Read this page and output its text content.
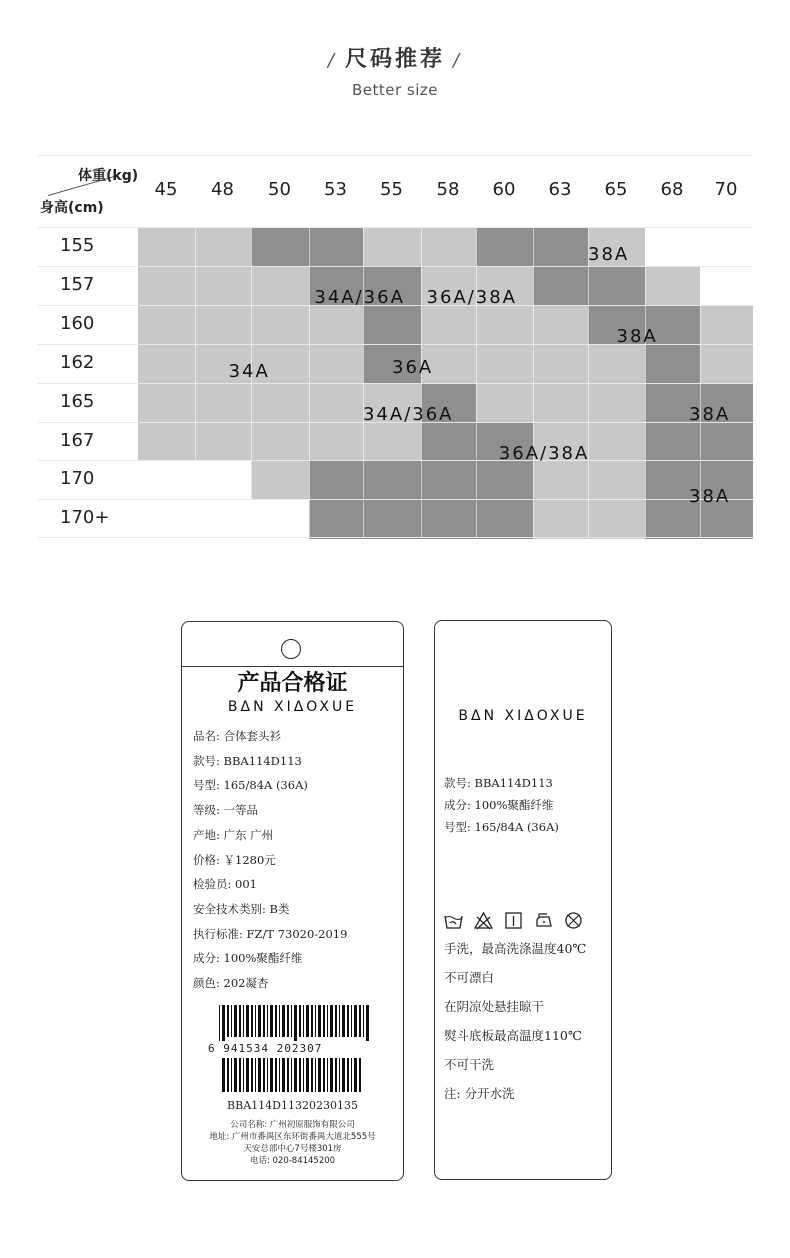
/ 尺码推荐 /
Better size
体重(kg)
身高(cm)
45 48 50 53 55 58 60 63 65 68 70
155
157
160
162
165
167
170
170+
34A
34A/36A 36A/38A
36A
34A/36A
36A/38A
38A
38A
38A
38A
产品合格证
BΔN XIΔOXUE
品名: 合体套头衫
款号: BBA114D113
号型: 165/84A (36A)
等级: 一等品
产地: 广东 广州
价格: ￥1280元
检验员: 001
安全技术类别: B类
执行标准: FZ/T 73020-2019
成分: 100%聚酯纤维
颜色: 202凝杏
6 941534 202307
BBA114D11320230135
公司名称: 广州初原服饰有限公司
地址: 广州市番禺区东环街番禺大道北555号
天安总部中心7号楼301房
电话: 020-84145200
BΔN XIΔOXUE
款号: BBA114D113
成分: 100%聚酯纤维
号型: 165/84A (36A)
手洗，最高洗涤温度40℃
不可漂白
在阴凉处悬挂晾干
熨斗底板最高温度110℃
不可干洗
注: 分开水洗
